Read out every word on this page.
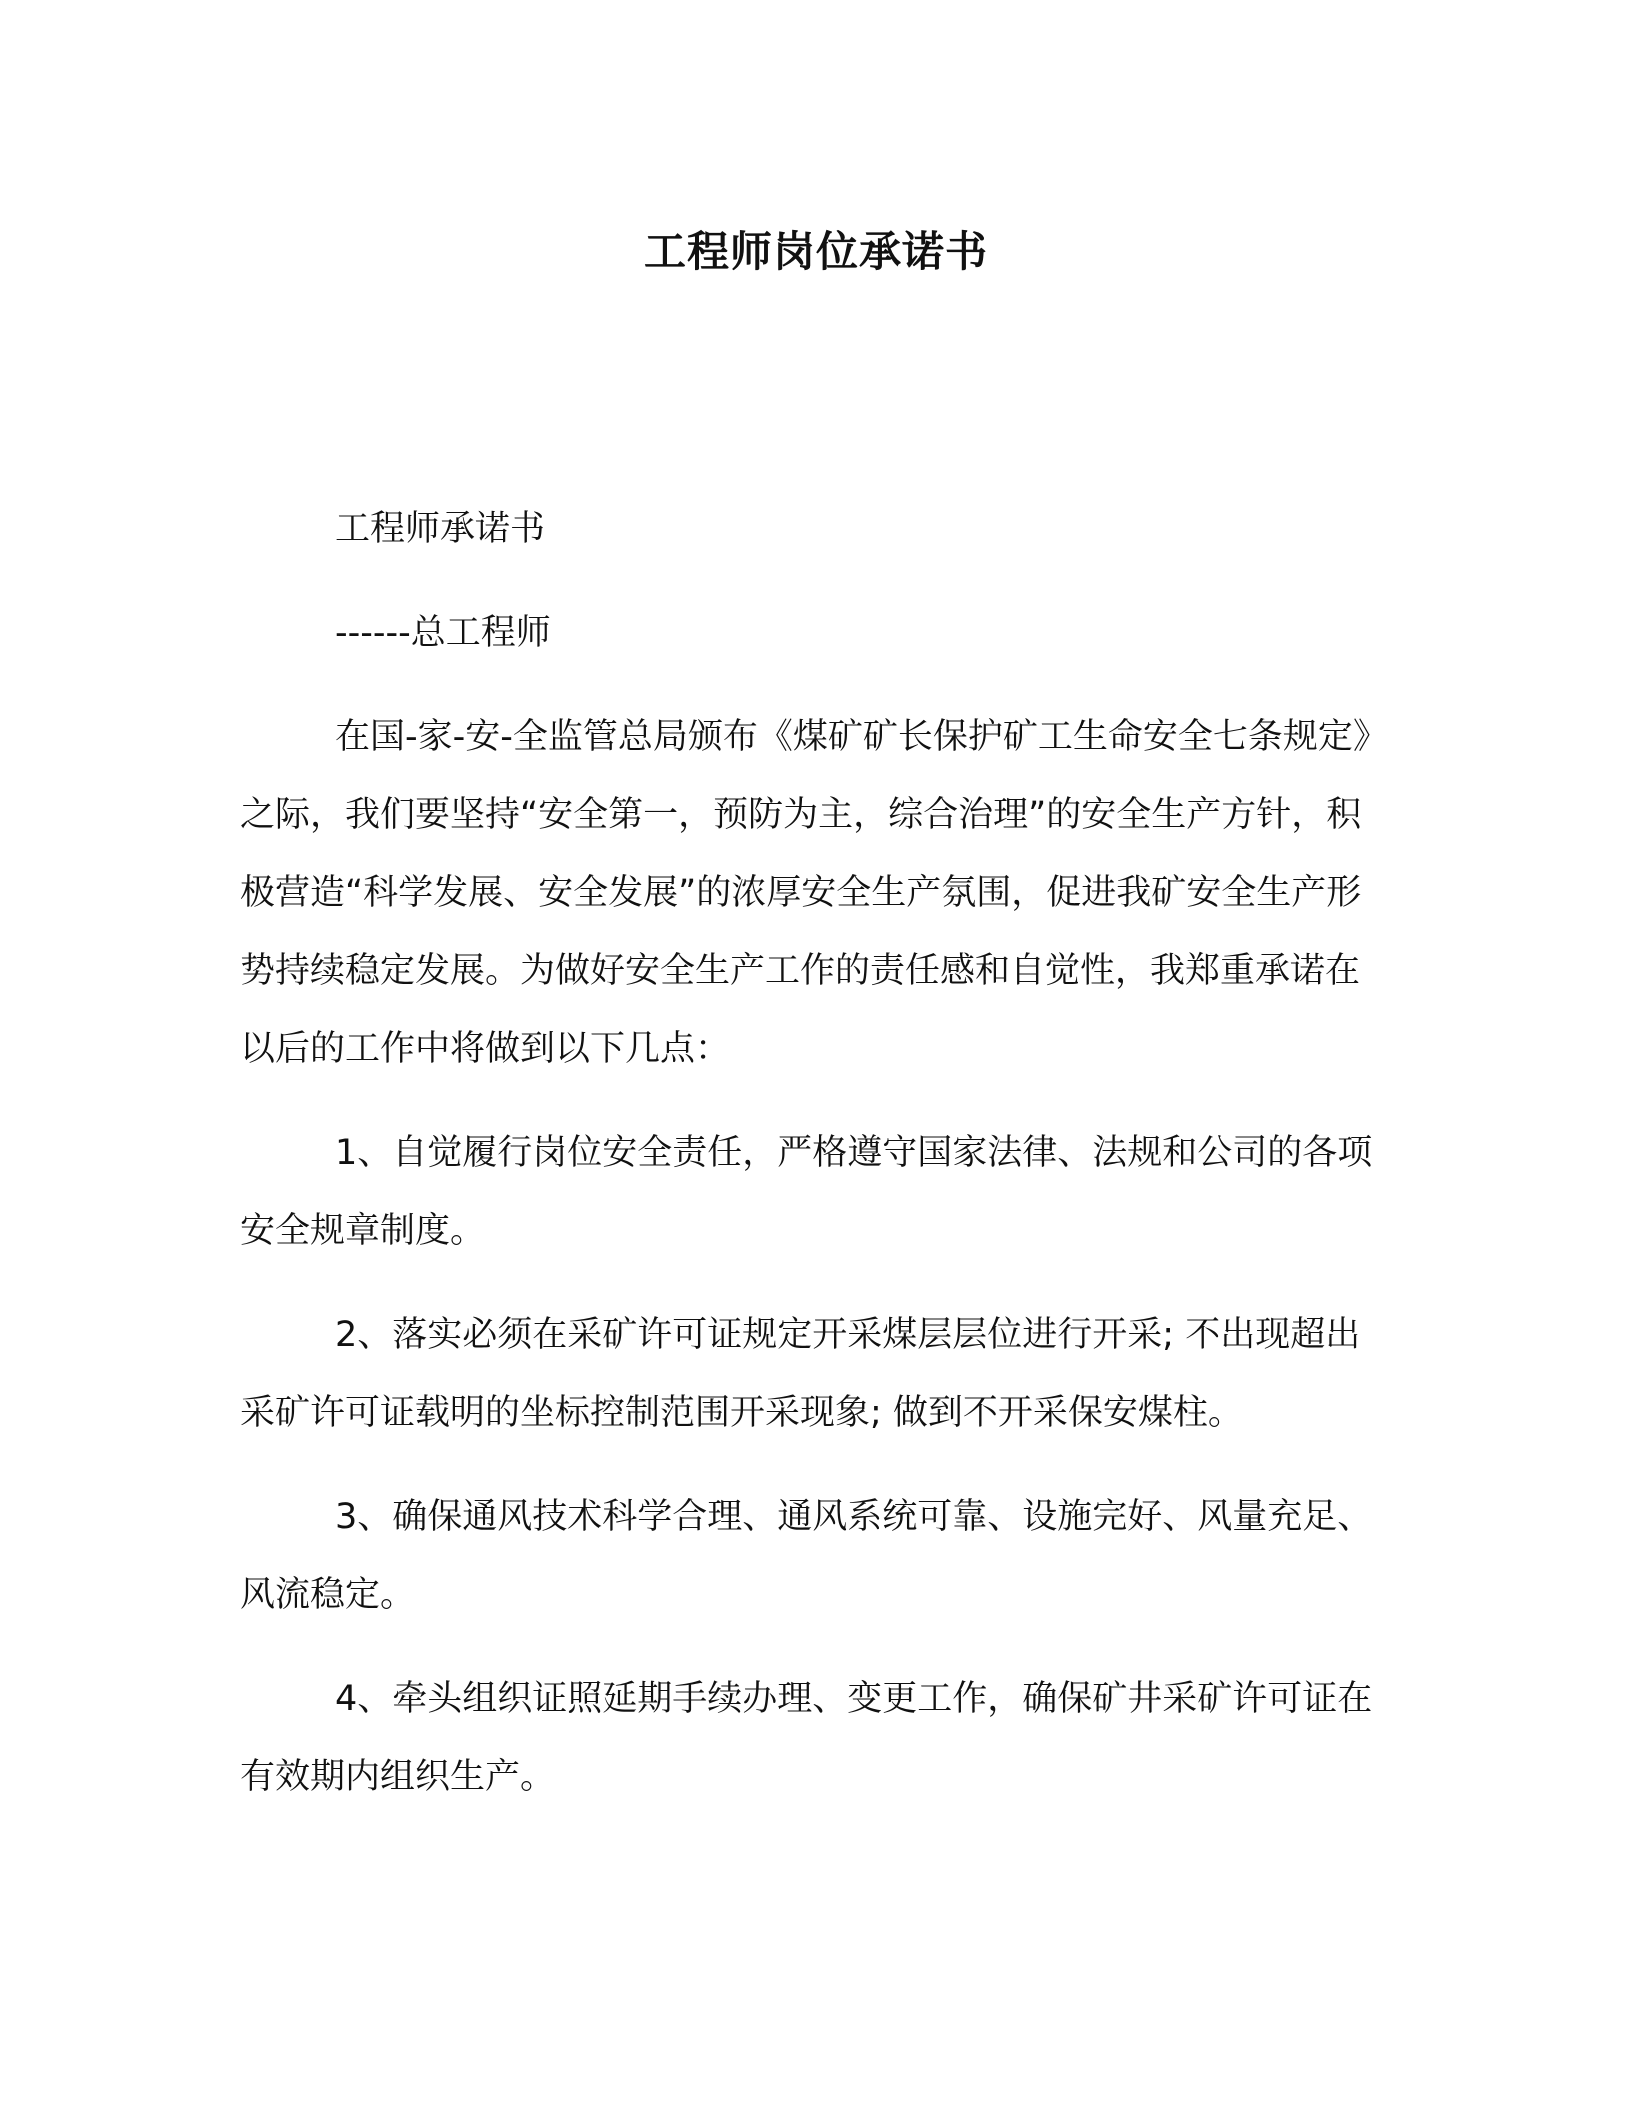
工程师岗位承诺书

工程师承诺书

------总工程师

在国-家-安-全监管总局颁布《煤矿矿长保护矿工生命安全七条规定》之际，我们要坚持“安全第一，预防为主，综合治理”的安全生产方针，积极营造“科学发展、安全发展”的浓厚安全生产氛围，促进我矿安全生产形势持续稳定发展。为做好安全生产工作的责任感和自觉性，我郑重承诺在以后的工作中将做到以下几点：

1、自觉履行岗位安全责任，严格遵守国家法律、法规和公司的各项安全规章制度。

2、落实必须在采矿许可证规定开采煤层层位进行开采; 不出现超出采矿许可证载明的坐标控制范围开采现象; 做到不开采保安煤柱。

3、确保通风技术科学合理、通风系统可靠、设施完好、风量充足、风流稳定。

4、牵头组织证照延期手续办理、变更工作，确保矿井采矿许可证在有效期内组织生产。
